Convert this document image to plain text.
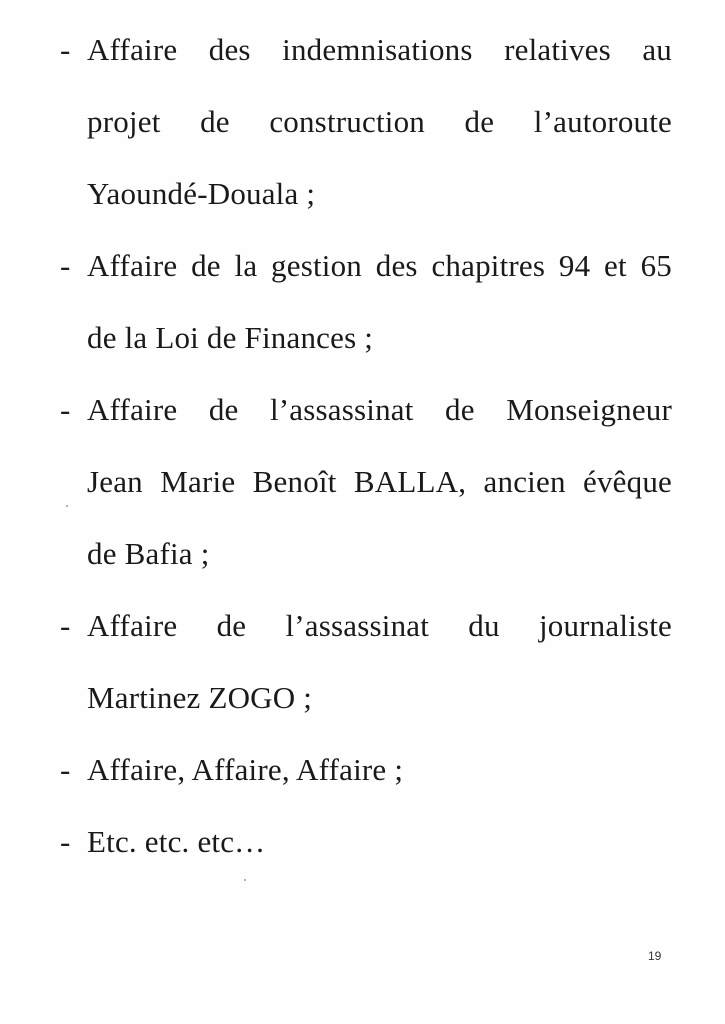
- Affaire des indemnisations relatives au
projet de construction de l’autoroute
Yaoundé-Douala ;
- Affaire de la gestion des chapitres 94 et 65
de la Loi de Finances ;
- Affaire de l’assassinat de Monseigneur
Jean Marie Benoît BALLA, ancien évêque
de Bafia ;
- Affaire de l’assassinat du journaliste
Martinez ZOGO ;
- Affaire, Affaire, Affaire ;
- Etc. etc. etc…
19
